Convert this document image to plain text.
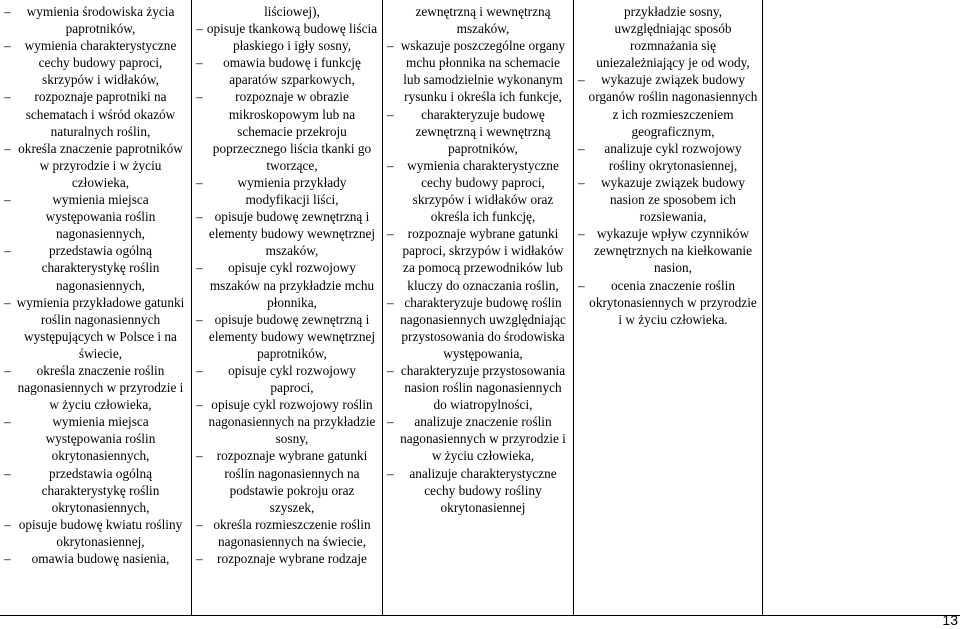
– wymienia środowiska życia paprotników,
– wymienia charakterystyczne cechy budowy paproci, skrzypów i widłaków,
– rozpoznaje paprotniki na schematach i wśród okazów naturalnych roślin,
– określa znaczenie paprotników w przyrodzie i w życiu człowieka,
– wymienia miejsca występowania roślin nagonasiennych,
– przedstawia ogólną charakterystykę roślin nagonasiennych,
– wymienia przykładowe gatunki roślin nagonasiennych występujących w Polsce i na świecie,
– określa znaczenie roślin nagonasiennych w przyrodzie i w życiu człowieka,
– wymienia miejsca występowania roślin okrytonasiennych,
– przedstawia ogólną charakterystykę roślin okrytonasiennych,
– opisuje budowę kwiatu rośliny okrytonasiennej,
– omawia budowę nasienia,
liściowej),
– opisuje tkankową budowę liścia płaskiego i igły sosny,
– omawia budowę i funkcję aparatów szparkowych,
– rozpoznaje w obrazie mikroskopowym lub na schemacie przekroju poprzecznego liścia tkanki go tworzące,
– wymienia przykłady modyfikacji liści,
– opisuje budowę zewnętrzną i elementy budowy wewnętrznej mszaków,
– opisuje cykl rozwojowy mszaków na przykładzie mchu płonnika,
– opisuje budowę zewnętrzną i elementy budowy wewnętrznej paprotników,
– opisuje cykl rozwojowy paproci,
– opisuje cykl rozwojowy roślin nagonasiennych na przykładzie sosny,
– rozpoznaje wybrane gatunki roślin nagonasiennych na podstawie pokroju oraz szyszek,
– określa rozmieszczenie roślin nagonasiennych na świecie,
– rozpoznaje wybrane rodzaje
zewnętrzną i wewnętrzną mszaków,
– wskazuje poszczególne organy mchu płonnika na schemacie lub samodzielnie wykonanym rysunku i określa ich funkcje,
– charakteryzuje budowę zewnętrzną i wewnętrzną paprotników,
– wymienia charakterystyczne cechy budowy paproci, skrzypów i widłaków oraz określa ich funkcję,
– rozpoznaje wybrane gatunki paproci, skrzypów i widłaków za pomocą przewodników lub kluczy do oznaczania roślin,
– charakteryzuje budowę roślin nagonasiennych uwzględniając przystosowania do środowiska występowania,
– charakteryzuje przystosowania nasion roślin nagonasiennych do wiatropylności,
– analizuje znaczenie roślin nagonasiennych w przyrodzie i w życiu człowieka,
– analizuje charakterystyczne cechy budowy rośliny okrytonasiennej
przykładzie sosny, uwzględniając sposób rozmnażania się uniezależniający je od wody,
– wykazuje związek budowy organów roślin nagonasiennych z ich rozmieszczeniem geograficznym,
– analizuje cykl rozwojowy rośliny okrytonasiennej,
– wykazuje związek budowy nasion ze sposobem ich rozsiewania,
– wykazuje wpływ czynników zewnętrznych na kiełkowanie nasion,
– ocenia znaczenie roślin okrytonasiennych w przyrodzie i w życiu człowieka.
13
